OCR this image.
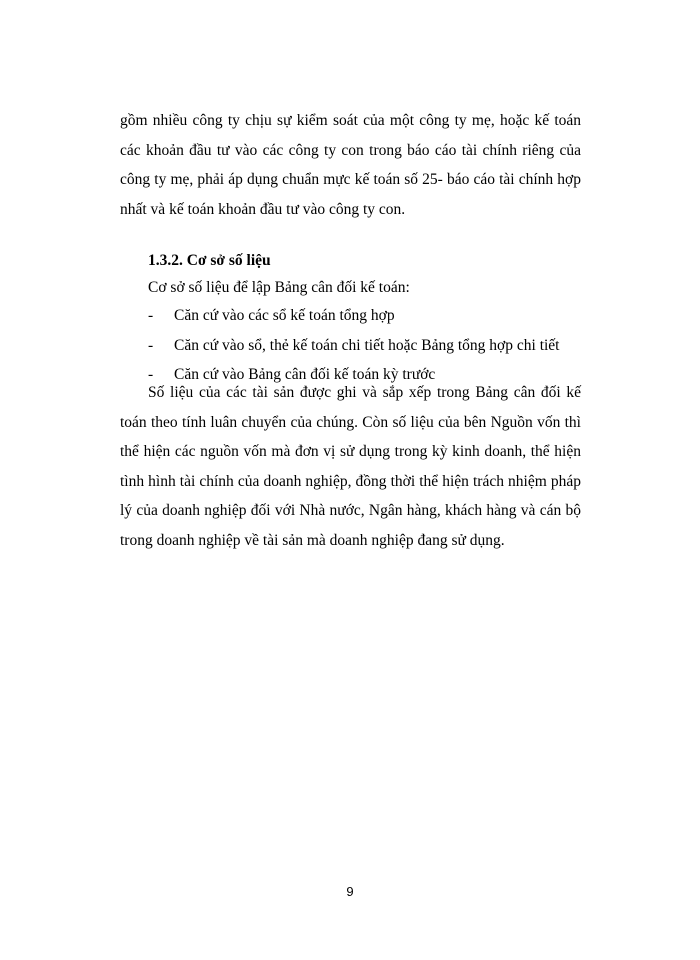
gồm nhiều công ty chịu sự kiểm soát của một công ty mẹ, hoặc kế toán các khoản đầu tư vào các công ty con trong báo cáo tài chính riêng của công ty mẹ, phải áp dụng chuẩn mực kế toán số 25- báo cáo tài chính hợp nhất và kế toán khoản đầu tư vào công ty con.

1.3.2. Cơ sở số liệu
Cơ sở số liệu để lập Bảng cân đối kế toán:
- Căn cứ vào các sổ kế toán tổng hợp
- Căn cứ vào sổ, thẻ kế toán chi tiết hoặc Bảng tổng hợp chi tiết
- Căn cứ vào Bảng cân đối kế toán kỳ trước

Số liệu của các tài sản được ghi và sắp xếp trong Bảng cân đối kế toán theo tính luân chuyển của chúng. Còn số liệu của bên Nguồn vốn thì thể hiện các nguồn vốn mà đơn vị sử dụng trong kỳ kinh doanh, thể hiện tình hình tài chính của doanh nghiệp, đồng thời thể hiện trách nhiệm pháp lý của doanh nghiệp đối với Nhà nước, Ngân hàng, khách hàng và cán bộ trong doanh nghiệp về tài sản mà doanh nghiệp đang sử dụng.

9
